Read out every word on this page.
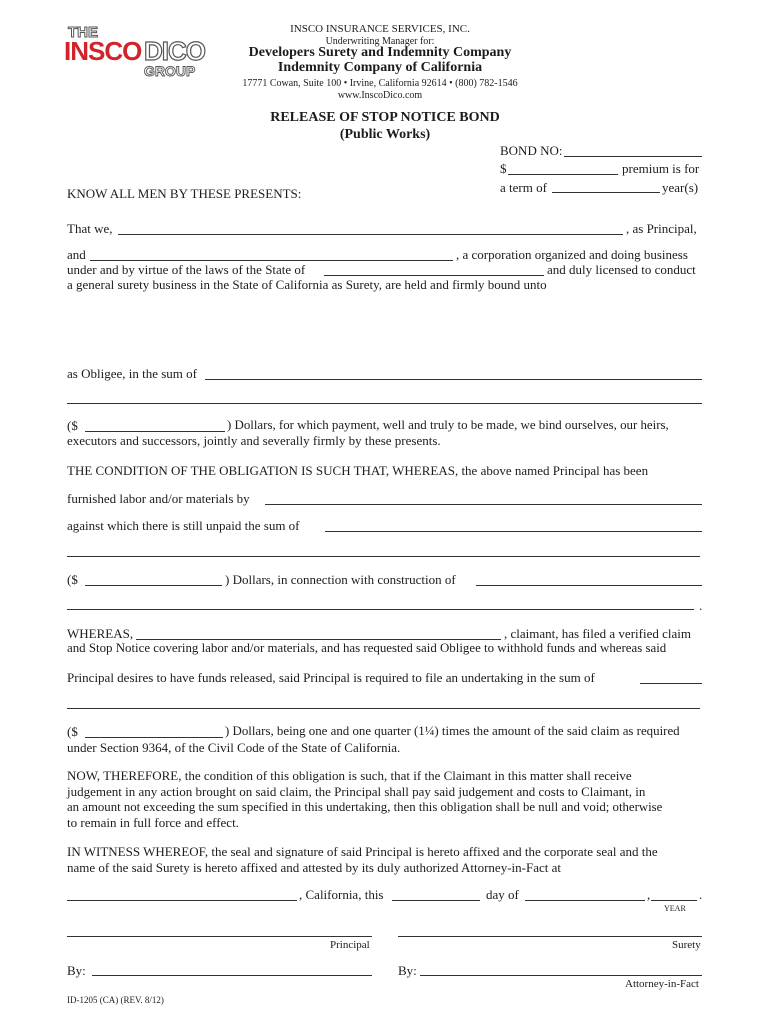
THE
INSCO DICO
GROUP
INSCO INSURANCE SERVICES, INC.
Underwriting Manager for:
Developers Surety and Indemnity Company
Indemnity Company of California
17771 Cowan, Suite 100 • Irvine, California 92614 • (800) 782-1546
www.InscoDico.com
RELEASE OF STOP NOTICE BOND
(Public Works)
BOND NO:
$	premium is for
a term of	year(s)
KNOW ALL MEN BY THESE PRESENTS:
That we,	, as Principal,
and	, a corporation organized and doing business
under and by virtue of the laws of the State of	and duly licensed to conduct
a general surety business in the State of California as Surety, are held and firmly bound unto
as Obligee, in the sum of
($	) Dollars, for which payment, well and truly to be made, we bind ourselves, our heirs,
executors and successors, jointly and severally firmly by these presents.
THE CONDITION OF THE OBLIGATION IS SUCH THAT, WHEREAS, the above named Principal has been
furnished labor and/or materials by
against which there is still unpaid the sum of
($	) Dollars, in connection with construction of
.
WHEREAS,	, claimant, has filed a verified claim
and Stop Notice covering labor and/or materials, and has requested said Obligee to withhold funds and whereas said
Principal desires to have funds released, said Principal is required to file an undertaking in the sum of
($	) Dollars, being one and one quarter (1¼) times the amount of the said claim as required
under Section 9364, of the Civil Code of the State of California.
NOW, THEREFORE, the condition of this obligation is such, that if the Claimant in this matter shall receive
judgement in any action brought on said claim, the Principal shall pay said judgement and costs to Claimant, in
an amount not exceeding the sum specified in this undertaking, then this obligation shall be null and void; otherwise
to remain in full force and effect.
IN WITNESS WHEREOF, the seal and signature of said Principal is hereto affixed and the corporate seal and the
name of the said Surety is hereto affixed and attested by its duly authorized Attorney-in-Fact at
, California, this	day of	,	.
YEAR
Principal	Surety
By:	By:
Attorney-in-Fact
ID-1205 (CA) (REV. 8/12)
